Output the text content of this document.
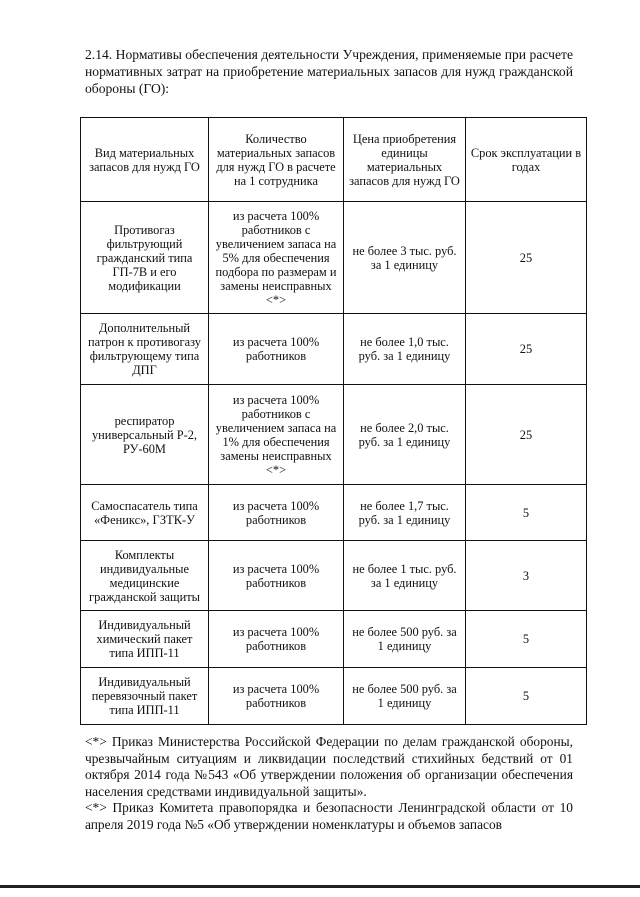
2.14. Нормативы обеспечения деятельности Учреждения, применяемые при расчете нормативных затрат на приобретение материальных запасов для нужд гражданской обороны (ГО):
Вид материальных запасов для нужд ГО	Количество материальных запасов для нужд ГО в расчете на 1 сотрудника	Цена приобретения единицы материальных запасов для нужд ГО	Срок эксплуатации в годах
Противогаз фильтрующий гражданский типа ГП-7В и его модификации	из расчета 100% работников с увеличением запаса на 5% для обеспечения подбора по размерам и замены неисправных <*>	не более 3 тыс. руб. за 1 единицу	25
Дополнительный патрон к противогазу фильтрующему типа ДПГ	из расчета 100% работников	не более 1,0 тыс. руб. за 1 единицу	25
респиратор универсальный Р-2, РУ-60М	из расчета 100% работников с увеличением запаса на 1% для обеспечения замены неисправных <*>	не более 2,0 тыс. руб. за 1 единицу	25
Самоспасатель типа «Феникс», ГЗТК-У	из расчета 100% работников	не более 1,7 тыс. руб. за 1 единицу	5
Комплекты индивидуальные медицинские гражданской защиты	из расчета 100% работников	не более 1 тыс. руб. за 1 единицу	3
Индивидуальный химический пакет типа ИПП-11	из расчета 100% работников	не более 500 руб. за 1 единицу	5
Индивидуальный перевязочный пакет типа ИПП-11	из расчета 100% работников	не более 500 руб. за 1 единицу	5
<*> Приказ Министерства Российской Федерации по делам гражданской обороны, чрезвычайным ситуациям и ликвидации последствий стихийных бедствий от 01 октября 2014 года №543 «Об утверждении положения об организации обеспечения населения средствами индивидуальной защиты».
<*> Приказ Комитета правопорядка и безопасности Ленинградской области от 10 апреля 2019 года №5 «Об утверждении номенклатуры и объемов запасов
